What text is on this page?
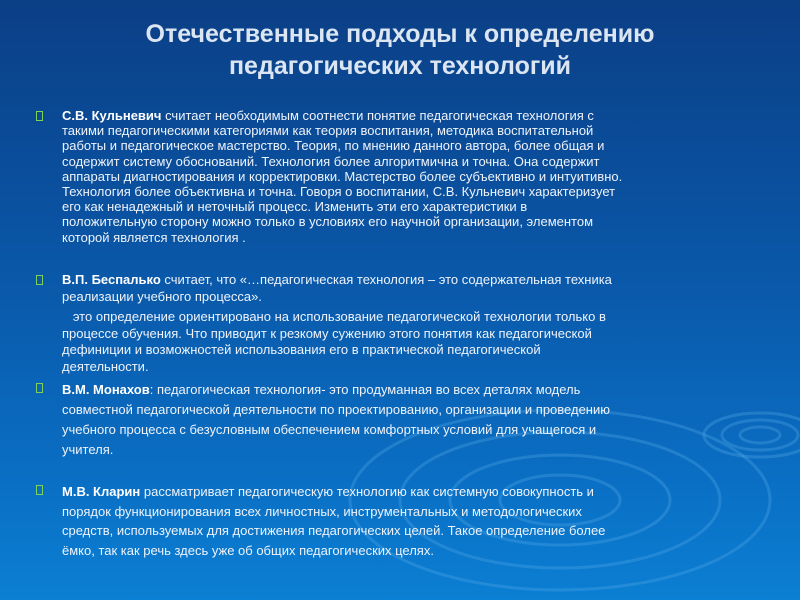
Отечественные подходы к определению
педагогических технологий
С.В. Кульневич считает необходимым соотнести понятие педагогическая технология с
такими педагогическими категориями как теория воспитания, методика воспитательной
работы и педагогическое мастерство. Теория, по мнению данного автора, более общая и
содержит систему обоснований. Технология более алгоритмична и точна. Она содержит
аппараты диагностирования и корректировки. Мастерство более субъективно и интуитивно.
Технология более объективна и точна. Говоря о воспитании, С.В. Кульневич характеризует
его как ненадежный и неточный процесс. Изменить эти его характеристики в
положительную сторону можно только в условиях его научной организации, элементом
которой является технология .
В.П. Беспалько считает, что «…педагогическая технология – это содержательная техника
реализации учебного процесса».
это определение ориентировано на использование педагогической технологии только в
процессе обучения. Что приводит к резкому сужению этого понятия как педагогической
дефиниции и возможностей использования его в практической педагогической
деятельности.
В.М. Монахов: педагогическая технология- это продуманная во всех деталях модель
совместной педагогической деятельности по проектированию, организации и проведению
учебного процесса с безусловным обеспечением комфортных условий для учащегося и
учителя.
М.В. Кларин рассматривает педагогическую технологию как системную совокупность и
порядок функционирования всех личностных, инструментальных и методологических
средств, используемых для достижения педагогических целей. Такое определение более
ёмко, так как речь здесь уже об общих педагогических целях.
